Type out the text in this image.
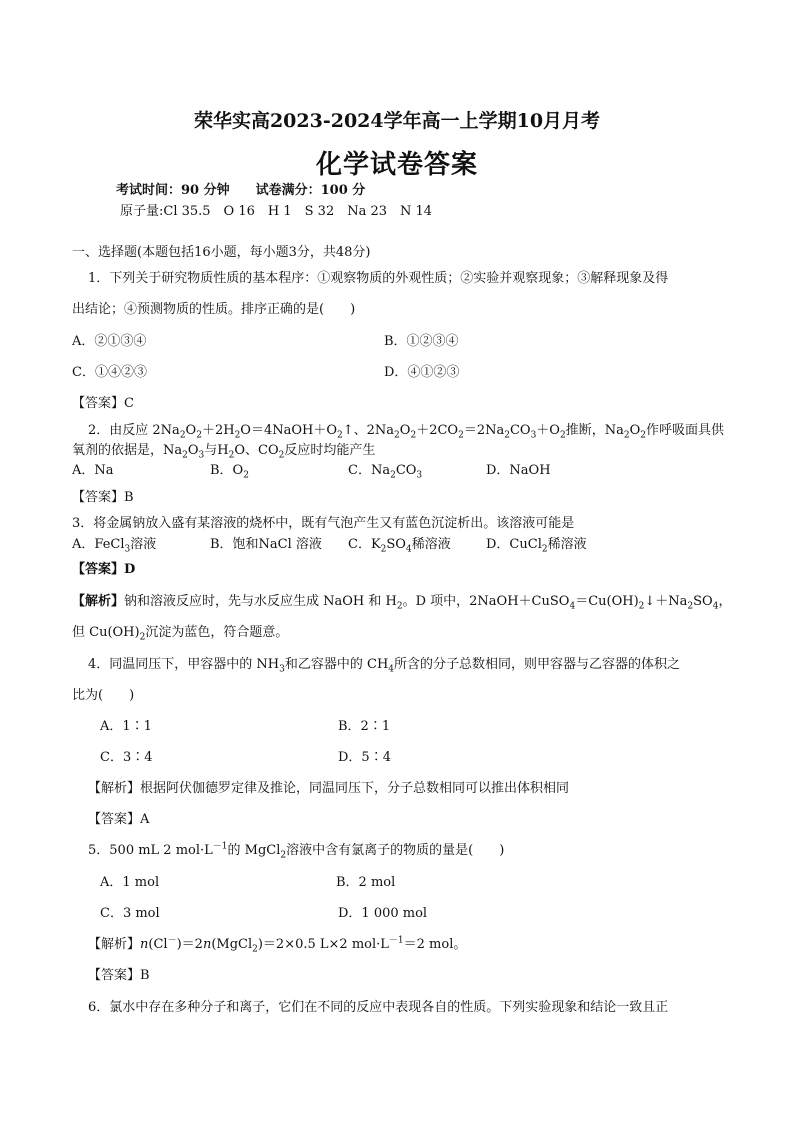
荣华实高2023-2024学年高一上学期10月月考
化学试卷答案
考试时间：90 分钟　　试卷满分：100 分
原子量:Cl 35.5　O 16　H 1　S 32　Na 23　N 14
一、选择题(本题包括16小题，每小题3分，共48分)
1．下列关于研究物质性质的基本程序：①观察物质的外观性质；②实验并观察现象；③解释现象及得
出结论；④预测物质的性质。排序正确的是(　　)
A．②①③④	B．①②③④
C．①④②③	D．④①②③
【答案】C
2．由反应 $2Na_2O_2+2H_2O=4NaOH+O_2↑$、$2Na_2O_2+2CO_2=2Na_2CO_3+O_2$推断，$Na_2O_2$作呼吸面具供
氧剂的依据是，$Na_2O_3$与$H_2O$、$CO_2$反应时均能产生
A．Na	B．$O_2$	C．$Na_2CO_3$	D．NaOH
【答案】B
3．将金属钠放入盛有某溶液的烧杯中，既有气泡产生又有蓝色沉淀析出。该溶液可能是
A．FeCl$_3$溶液	B．饱和NaCl 溶液 C．$K_2SO_4$稀溶液	D．CuCl$_2$稀溶液
【答案】D
【解析】钠和溶液反应时，先与水反应生成 NaOH 和 $H_2$。D 项中，$2NaOH+CuSO_4=Cu(OH)_2↓+Na_2SO_4$，
但 $Cu(OH)_2$沉淀为蓝色，符合题意。
4．同温同压下，甲容器中的 $NH_3$和乙容器中的 $CH_4$所含的分子总数相同，则甲容器与乙容器的体积之
比为(　　)
A．1∶1	B．2∶1
C．3∶4	D．5∶4
【解析】根据阿伏伽德罗定律及推论，同温同压下，分子总数相同可以推出体积相同
【答案】A
5．500 mL 2 $mol\cdot L^{-1}$的 MgCl$_2$溶液中含有氯离子的物质的量是(　　)
A．1 mol	B．2 mol
C．3 mol	D．1 000 mol
【解析】n(Cl－)＝2n(MgCl$_2$)＝2×0.5 L×2 $mol\cdot L^{-1}=2$ mol。
【答案】B
6．氯水中存在多种分子和离子，它们在不同的反应中表现各自的性质。下列实验现象和结论一致且正
